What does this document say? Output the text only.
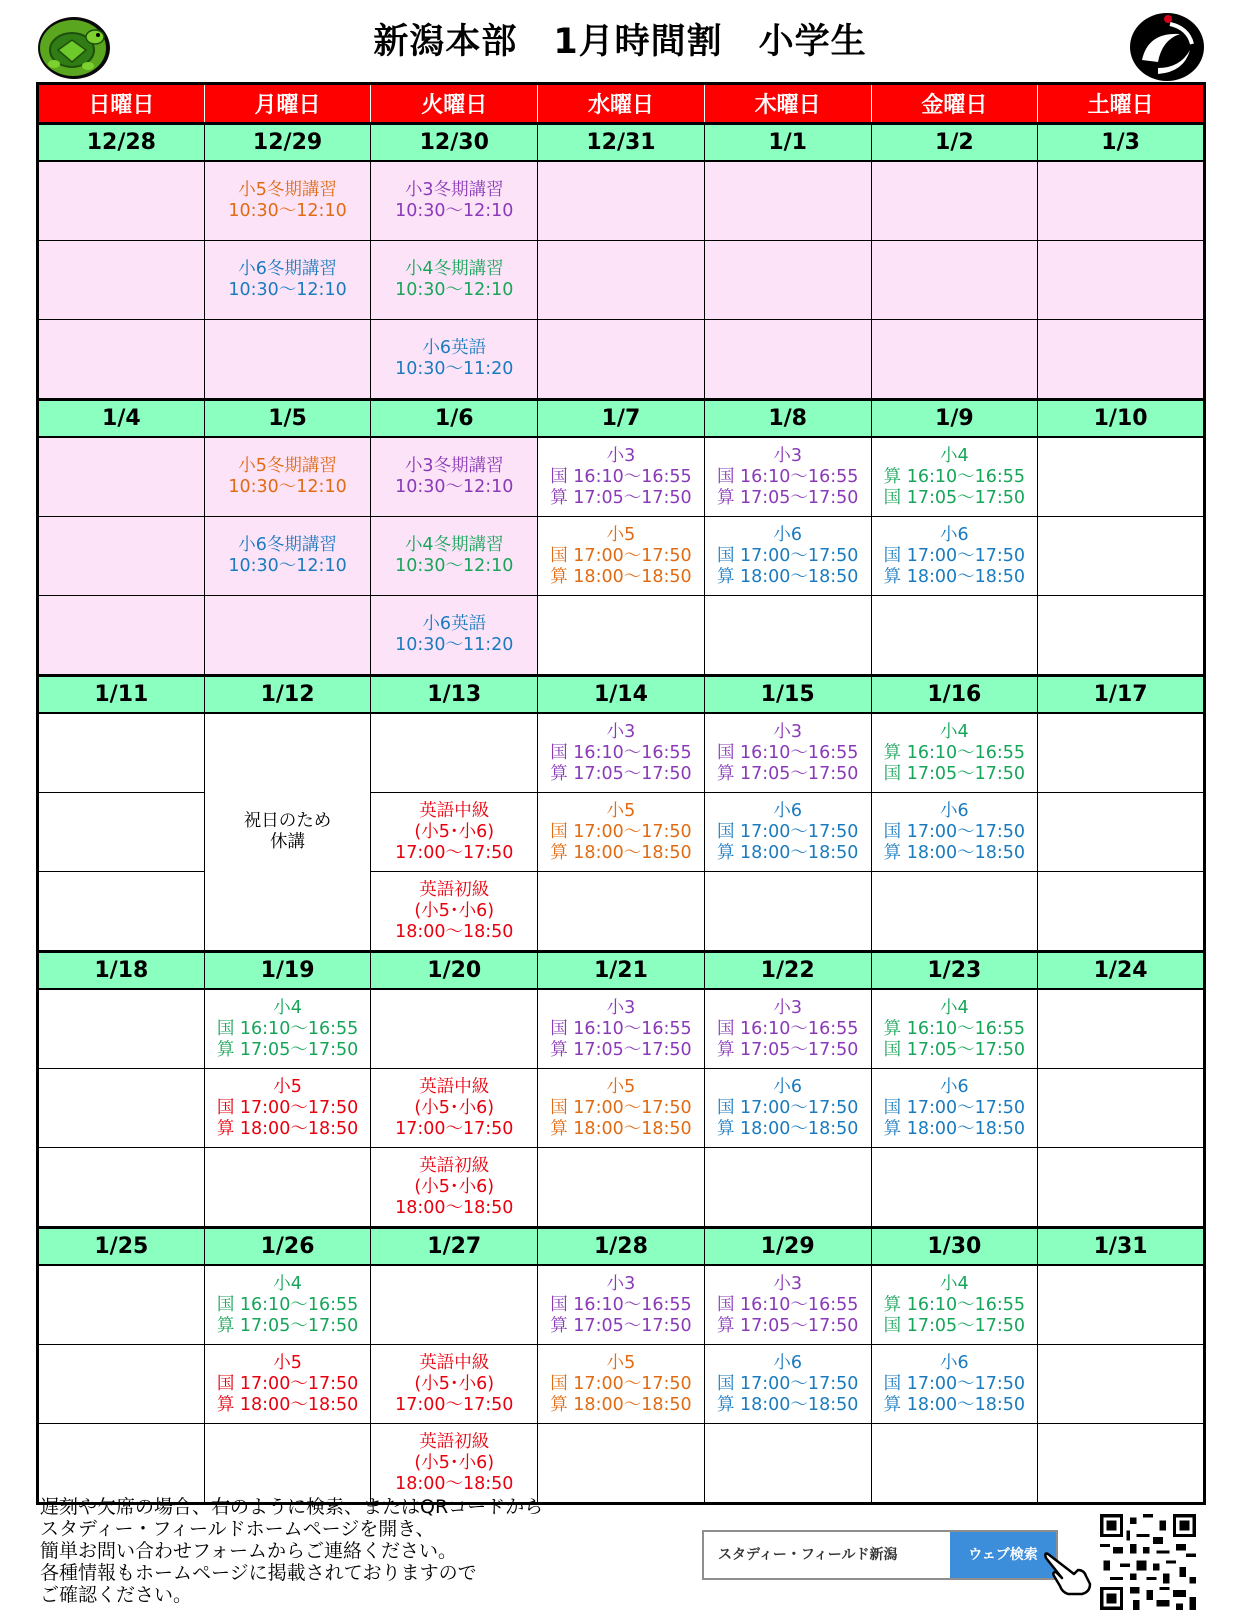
新潟本部　1月時間割　小学生
日曜日	月曜日	火曜日	水曜日	木曜日	金曜日	土曜日
12/28	12/29	12/30	12/31	1/1	1/2	1/3

	小5冬期講習
10:30～12:10	小3冬期講習
10:30～12:10				

	小6冬期講習
10:30～12:10	小4冬期講習
10:30～12:10				

		小6英語
10:30～11:20				

1/4	1/5	1/6	1/7	1/8	1/9	1/10

	小5冬期講習
10:30～12:10	小3冬期講習
10:30～12:10	小3
国 16:10～16:55
算 17:05～17:50	小3
国 16:10～16:55
算 17:05～17:50	小4
算 16:10～16:55
国 17:05～17:50	

	小6冬期講習
10:30～12:10	小4冬期講習
10:30～12:10	小5
国 17:00～17:50
算 18:00～18:50	小6
国 17:00～17:50
算 18:00～18:50	小6
国 17:00～17:50
算 18:00～18:50	

		小6英語
10:30～11:20				

1/11	1/12	1/13	1/14	1/15	1/16	1/17

	祝日のため
休講		小3
国 16:10～16:55
算 17:05～17:50	小3
国 16:10～16:55
算 17:05～17:50	小4
算 16:10～16:55
国 17:05～17:50	

		英語中級
(小5･小6)
17:00～17:50	小5
国 17:00～17:50
算 18:00～18:50	小6
国 17:00～17:50
算 18:00～18:50	小6
国 17:00～17:50
算 18:00～18:50	

		英語初級
(小5･小6)
18:00～18:50				

1/18	1/19	1/20	1/21	1/22	1/23	1/24

	小4
国 16:10～16:55
算 17:05～17:50		小3
国 16:10～16:55
算 17:05～17:50	小3
国 16:10～16:55
算 17:05～17:50	小4
算 16:10～16:55
国 17:05～17:50	

	小5
国 17:00～17:50
算 18:00～18:50	英語中級
(小5･小6)
17:00～17:50	小5
国 17:00～17:50
算 18:00～18:50	小6
国 17:00～17:50
算 18:00～18:50	小6
国 17:00～17:50
算 18:00～18:50	

		英語初級
(小5･小6)
18:00～18:50				

1/25	1/26	1/27	1/28	1/29	1/30	1/31

	小4
国 16:10～16:55
算 17:05～17:50		小3
国 16:10～16:55
算 17:05～17:50	小3
国 16:10～16:55
算 17:05～17:50	小4
算 16:10～16:55
国 17:05～17:50	

	小5
国 17:00～17:50
算 18:00～18:50	英語中級
(小5･小6)
17:00～17:50	小5
国 17:00～17:50
算 18:00～18:50	小6
国 17:00～17:50
算 18:00～18:50	小6
国 17:00～17:50
算 18:00～18:50	

		英語初級
(小5･小6)
18:00～18:50				

遅刻や欠席の場合、右のように検索、またはQRコードから
スタディー・フィールドホームページを開き、
簡単お問い合わせフォームからご連絡ください。
各種情報もホームページに掲載されておりますので
ご確認ください。
スタディー・フィールド新潟	ウェブ検索
